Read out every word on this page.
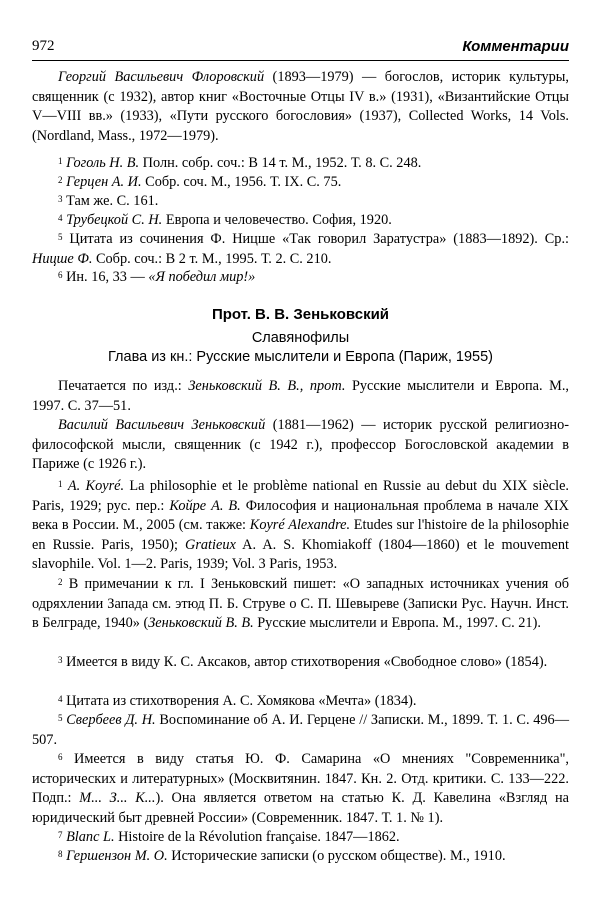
972	Комментарии
Георгий Васильевич Флоровский (1893—1979) — богослов, историк культуры, священник (с 1932), автор книг «Восточные Отцы IV в.» (1931), «Византийские Отцы V—VIII вв.» (1933), «Пути русского богословия» (1937), Collected Works, 14 Vols. (Nordland, Mass., 1972—1979).
$^1$ Гоголь Н. В. Полн. собр. соч.: В 14 т. М., 1952. Т. 8. С. 248.
$^2$ Герцен А. И. Собр. соч. М., 1956. Т. IX. С. 75.
$^3$ Там же. С. 161.
$^4$ Трубецкой С. Н. Европа и человечество. София, 1920.
$^5$ Цитата из сочинения Ф. Ницше «Так говорил Заратустра» (1883—1892). Ср.: Ницше Ф. Собр. соч.: В 2 т. М., 1995. Т. 2. С. 210.
$^6$ Ин. 16, 33 — «Я победил мир!»
Прот. В. В. Зеньковский
Славянофилы
Глава из кн.: Русские мыслители и Европа (Париж, 1955)
Печатается по изд.: Зеньковский В. В., прот. Русские мыслители и Европа. М., 1997. С. 37—51.
Василий Васильевич Зеньковский (1881—1962) — историк русской религиозно-философской мысли, священник (с 1942 г.), профессор Богословской академии в Париже (с 1926 г.).
$^1$ A. Koyré. La philosophie et le problème national en Russie au debut du XIX siècle. Paris, 1929; рус. пер.: Койре А. В. Философия и национальная проблема в начале XIX века в России. М., 2005 (см. также: Koyré Alexandre. Etudes sur l'histoire de la philosophie en Russie. Paris, 1950); Gratieux A. A. S. Khomiakoff (1804—1860) et le mouvement slavophile. Vol. 1—2. Paris, 1939; Vol. 3 Paris, 1953.
$^2$ В примечании к гл. I Зеньковский пишет: «О западных источниках учения об одряхлении Запада см. этюд П. Б. Струве о С. П. Шевыреве (Записки Рус. Научн. Инст. в Белграде, 1940» (Зеньковский В. В. Русские мыслители и Европа. М., 1997. С. 21).
$^3$ Имеется в виду К. С. Аксаков, автор стихотворения «Свободное слово» (1854).
$^4$ Цитата из стихотворения А. С. Хомякова «Мечта» (1834).
$^5$ Свербеев Д. Н. Воспоминание об А. И. Герцене // Записки. М., 1899. Т. 1. С. 496—507.
$^6$ Имеется в виду статья Ю. Ф. Самарина «О мнениях "Современника", исторических и литературных» (Москвитянин. 1847. Кн. 2. Отд. критики. С. 133—222. Подп.: М... З... К...). Она является ответом на статью К. Д. Кавелина «Взгляд на юридический быт древней России» (Современник. 1847. Т. 1. № 1).
$^7$ Blanc L. Histoire de la Révolution française. 1847—1862.
$^8$ Гершензон М. О. Исторические записки (о русском обществе). М., 1910.
